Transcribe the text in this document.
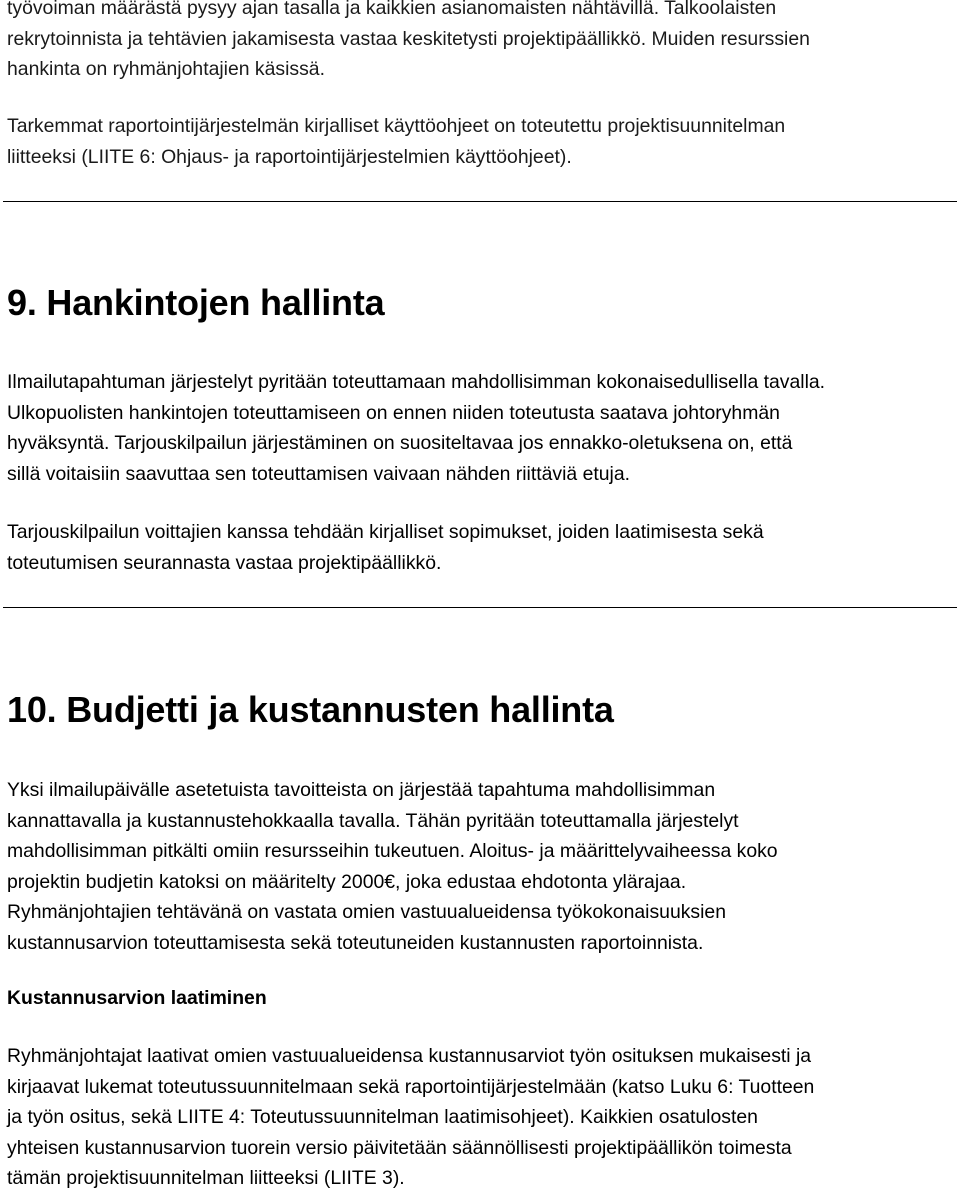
työvoiman määrästä pysyy ajan tasalla ja kaikkien asianomaisten nähtävillä. Talkoolaisten
rekrytoinnista ja tehtävien jakamisesta vastaa keskitetysti projektipäällikkö. Muiden resurssien
hankinta on ryhmänjohtajien käsissä.

Tarkemmat raportointijärjestelmän kirjalliset käyttöohjeet on toteutettu projektisuunnitelman
liitteeksi (LIITE 6: Ohjaus- ja raportointijärjestelmien käyttöohjeet).

9. Hankintojen hallinta

Ilmailutapahtuman järjestelyt pyritään toteuttamaan mahdollisimman kokonaisedullisella tavalla.
Ulkopuolisten hankintojen toteuttamiseen on ennen niiden toteutusta saatava johtoryhmän
hyväksyntä. Tarjouskilpailun järjestäminen on suositeltavaa jos ennakko-oletuksena on, että
sillä voitaisiin saavuttaa sen toteuttamisen vaivaan nähden riittäviä etuja.

Tarjouskilpailun voittajien kanssa tehdään kirjalliset sopimukset, joiden laatimisesta sekä
toteutumisen seurannasta vastaa projektipäällikkö.

10. Budjetti ja kustannusten hallinta

Yksi ilmailupäivälle asetetuista tavoitteista on järjestää tapahtuma mahdollisimman
kannattavalla ja kustannustehokkaalla tavalla. Tähän pyritään toteuttamalla järjestelyt
mahdollisimman pitkälti omiin resursseihin tukeutuen. Aloitus- ja määrittelyvaiheessa koko
projektin budjetin katoksi on määritelty 2000€, joka edustaa ehdotonta ylärajaa.
Ryhmänjohtajien tehtävänä on vastata omien vastuualueidensa työkokonaisuuksien
kustannusarvion toteuttamisesta sekä toteutuneiden kustannusten raportoinnista.

Kustannusarvion laatiminen

Ryhmänjohtajat laativat omien vastuualueidensa kustannusarviot työn osituksen mukaisesti ja
kirjaavat lukemat toteutussuunnitelmaan sekä raportointijärjestelmään (katso Luku 6: Tuotteen
ja työn ositus, sekä LIITE 4: Toteutussuunnitelman laatimisohjeet). Kaikkien osatulosten
yhteisen kustannusarvion tuorein versio päivitetään säännöllisesti projektipäällikön toimesta
tämän projektisuunnitelman liitteeksi (LIITE 3).
